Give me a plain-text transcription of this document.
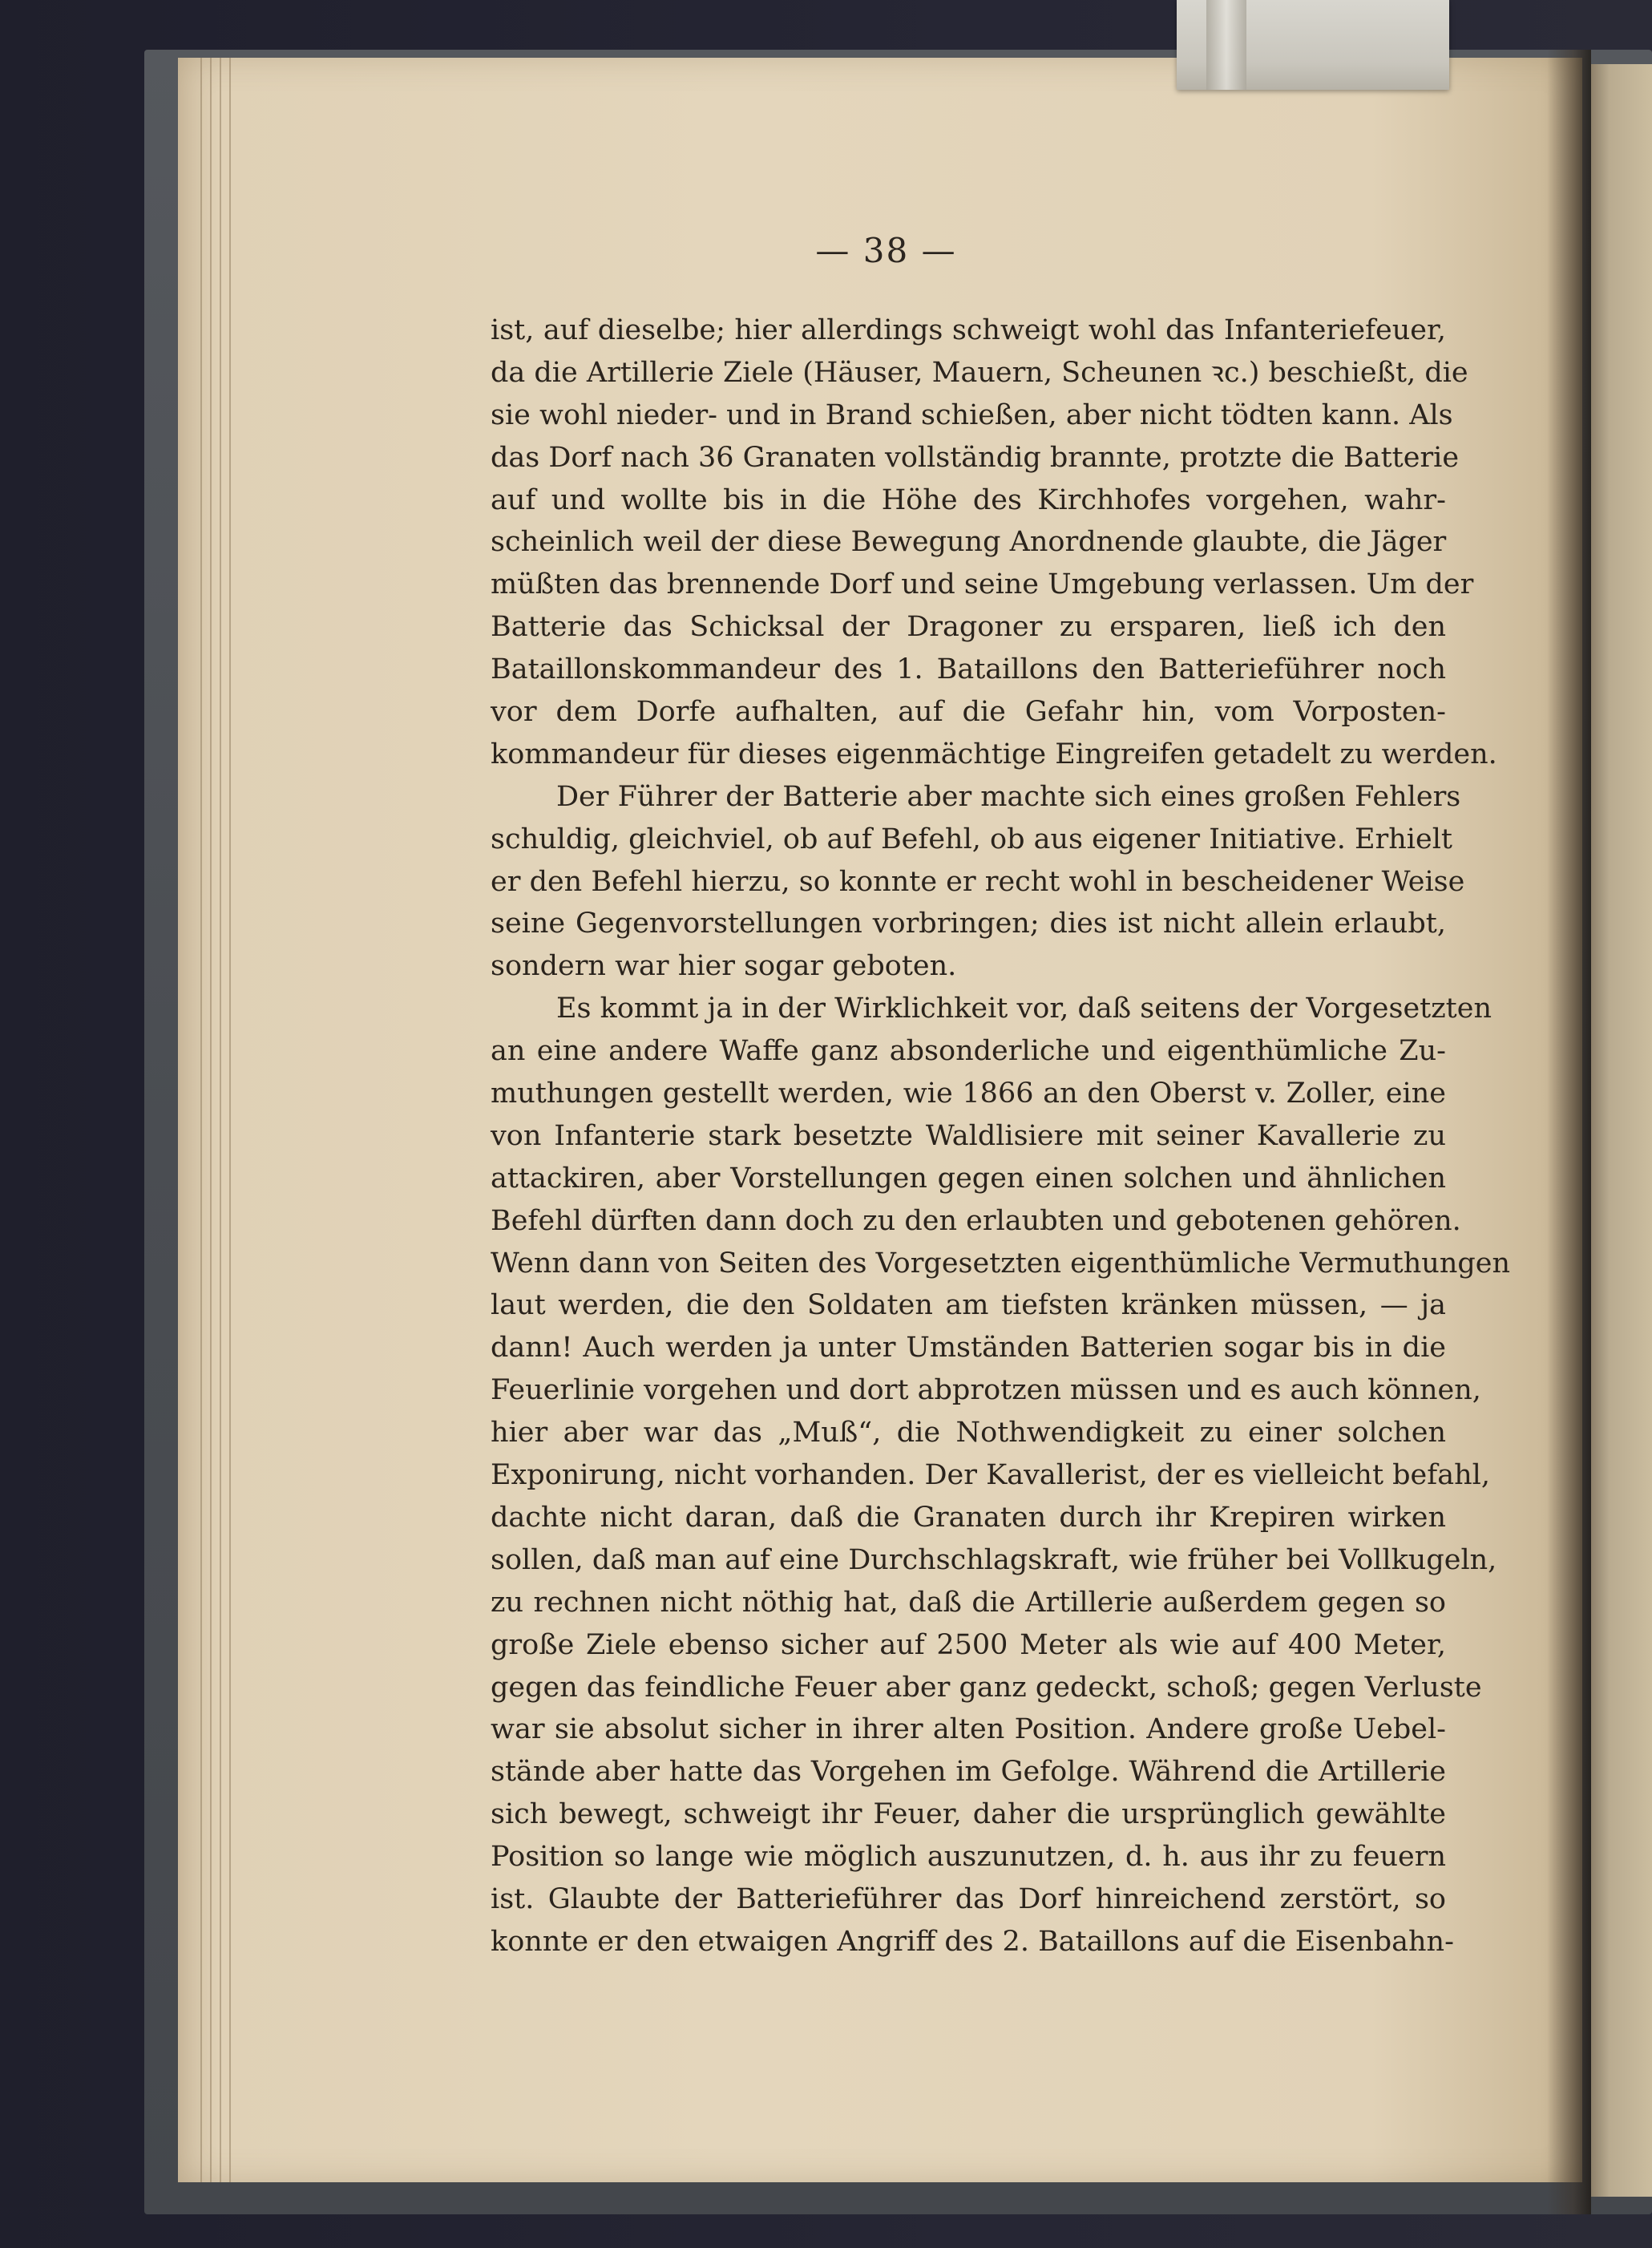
— 38 —
ist, auf dieselbe; hier allerdings schweigt wohl das Infanteriefeuer,
da die Artillerie Ziele (Häuser, Mauern, Scheunen ꝛc.) beschießt, die
sie wohl nieder- und in Brand schießen, aber nicht tödten kann. Als
das Dorf nach 36 Granaten vollständig brannte, protzte die Batterie
auf und wollte bis in die Höhe des Kirchhofes vorgehen, wahr-
scheinlich weil der diese Bewegung Anordnende glaubte, die Jäger
müßten das brennende Dorf und seine Umgebung verlassen. Um der
Batterie das Schicksal der Dragoner zu ersparen, ließ ich den
Bataillonskommandeur des 1. Bataillons den Batterieführer noch
vor dem Dorfe aufhalten, auf die Gefahr hin, vom Vorposten-
kommandeur für dieses eigenmächtige Eingreifen getadelt zu werden.
Der Führer der Batterie aber machte sich eines großen Fehlers
schuldig, gleichviel, ob auf Befehl, ob aus eigener Initiative. Erhielt
er den Befehl hierzu, so konnte er recht wohl in bescheidener Weise
seine Gegenvorstellungen vorbringen; dies ist nicht allein erlaubt,
sondern war hier sogar geboten.
Es kommt ja in der Wirklichkeit vor, daß seitens der Vorgesetzten
an eine andere Waffe ganz absonderliche und eigenthümliche Zu-
muthungen gestellt werden, wie 1866 an den Oberst v. Zoller, eine
von Infanterie stark besetzte Waldlisiere mit seiner Kavallerie zu
attackiren, aber Vorstellungen gegen einen solchen und ähnlichen
Befehl dürften dann doch zu den erlaubten und gebotenen gehören.
Wenn dann von Seiten des Vorgesetzten eigenthümliche Vermuthungen
laut werden, die den Soldaten am tiefsten kränken müssen, — ja
dann! Auch werden ja unter Umständen Batterien sogar bis in die
Feuerlinie vorgehen und dort abprotzen müssen und es auch können,
hier aber war das „Muß“, die Nothwendigkeit zu einer solchen
Exponirung, nicht vorhanden. Der Kavallerist, der es vielleicht befahl,
dachte nicht daran, daß die Granaten durch ihr Krepiren wirken
sollen, daß man auf eine Durchschlagskraft, wie früher bei Vollkugeln,
zu rechnen nicht nöthig hat, daß die Artillerie außerdem gegen so
große Ziele ebenso sicher auf 2500 Meter als wie auf 400 Meter,
gegen das feindliche Feuer aber ganz gedeckt, schoß; gegen Verluste
war sie absolut sicher in ihrer alten Position. Andere große Uebel-
stände aber hatte das Vorgehen im Gefolge. Während die Artillerie
sich bewegt, schweigt ihr Feuer, daher die ursprünglich gewählte
Position so lange wie möglich auszunutzen, d. h. aus ihr zu feuern
ist. Glaubte der Batterieführer das Dorf hinreichend zerstört, so
konnte er den etwaigen Angriff des 2. Bataillons auf die Eisenbahn-
